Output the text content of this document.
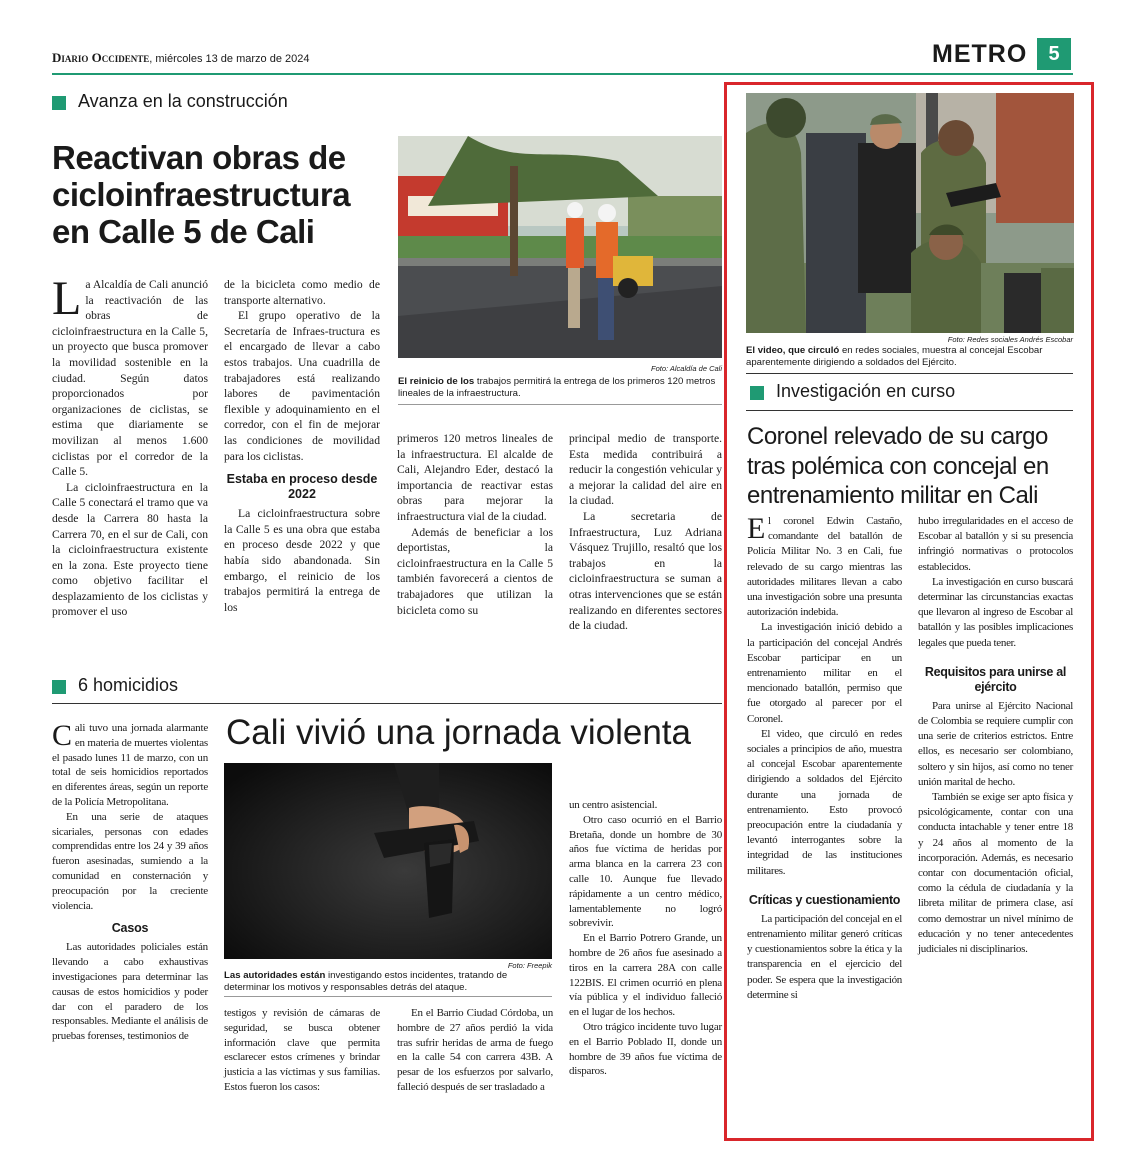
Diario Occidente, miércoles 13 de marzo de 2024	METRO	5
Avanza en la construcción
Reactivan obras de cicloinfraestructura en Calle 5 de Cali
Foto: Alcaldía de Cali
El reinicio de los trabajos permitirá la entrega de los primeros 120 metros lineales de la infraestructura.

La Alcaldía de Cali anunció la reactivación de las obras de cicloinfraestructura en la Calle 5, un proyecto que busca promover la movilidad sostenible en la ciudad. Según datos proporcionados por organizaciones de ciclistas, se estima que diariamente se movilizan al menos 1.600 ciclistas por el corredor de la Calle 5.

La cicloinfraestructura en la Calle 5 conectará el tramo que va desde la Carrera 80 hasta la Carrera 70, en el sur de Cali, con la cicloinfraestructura existente en la zona. Este proyecto tiene como objetivo facilitar el desplazamiento de los ciclistas y promover el uso

de la bicicleta como medio de transporte alternativo.

El grupo operativo de la Secretaría de Infraes-tructura es el encargado de llevar a cabo estos trabajos. Una cuadrilla de trabajadores está realizando labores de pavimentación flexible y adoquinamiento en el corredor, con el fin de mejorar las condiciones de movilidad para los ciclistas.

Estaba en proceso desde 2022

La cicloinfraestructura sobre la Calle 5 es una obra que estaba en proceso desde 2022 y que había sido abandonada. Sin embargo, el reinicio de los trabajos permitirá la entrega de los

primeros 120 metros lineales de la infraestructura. El alcalde de Cali, Alejandro Eder, destacó la importancia de reactivar estas obras para mejorar la infraestructura vial de la ciudad.

Además de beneficiar a los deportistas, la cicloinfraestructura en la Calle 5 también favorecerá a cientos de trabajadores que utilizan la bicicleta como su

principal medio de transporte. Esta medida contribuirá a reducir la congestión vehicular y a mejorar la calidad del aire en la ciudad.

La secretaria de Infraestructura, Luz Adriana Vásquez Trujillo, resaltó que los trabajos en la cicloinfraestructura se suman a otras intervenciones que se están realizando en diferentes sectores de la ciudad.

6 homicidios
Cali vivió una jornada violenta
Foto: Freepik
Las autoridades están investigando estos incidentes, tratando de determinar los motivos y responsables detrás del ataque.

Cali tuvo una jornada alarmante en materia de muertes violentas el pasado lunes 11 de marzo, con un total de seis homicidios reportados en diferentes áreas, según un reporte de la Policía Metropolitana.

En una serie de ataques sicariales, personas con edades comprendidas entre los 24 y 39 años fueron asesinadas, sumiendo a la comunidad en consternación y preocupación por la creciente violencia.

Casos

Las autoridades policiales están llevando a cabo exhaustivas investigaciones para determinar las causas de estos homicidios y poder dar con el paradero de los responsables. Mediante el análisis de pruebas forenses, testimonios de

testigos y revisión de cámaras de seguridad, se busca obtener información clave que permita esclarecer estos crímenes y brindar justicia a las víctimas y sus familias. Estos fueron los casos:

En el Barrio Ciudad Córdoba, un hombre de 27 años perdió la vida tras sufrir heridas de arma de fuego en la calle 54 con carrera 43B. A pesar de los esfuerzos por salvarlo, falleció después de ser trasladado a

un centro asistencial.

Otro caso ocurrió en el Barrio Bretaña, donde un hombre de 30 años fue víctima de heridas por arma blanca en la carrera 23 con calle 10. Aunque fue llevado rápidamente a un centro médico, lamentablemente no logró sobrevivir.

En el Barrio Potrero Grande, un hombre de 26 años fue asesinado a tiros en la carrera 28A con calle 122BIS. El crimen ocurrió en plena vía pública y el individuo falleció en el lugar de los hechos.

Otro trágico incidente tuvo lugar en el Barrio Poblado II, donde un hombre de 39 años fue víctima de disparos.

Foto: Redes sociales Andrés Escobar
El video, que circuló en redes sociales, muestra al concejal Escobar aparentemente dirigiendo a soldados del Ejército.
Investigación en curso
Coronel relevado de su cargo tras polémica con concejal en entrenamiento militar en Cali

El coronel Edwin Castaño, comandante del batallón de Policía Militar No. 3 en Cali, fue relevado de su cargo mientras las autoridades militares llevan a cabo una investigación sobre una presunta autorización indebida.

La investigación inició debido a la participación del concejal Andrés Escobar participar en un entrenamiento militar en el mencionado batallón, permiso que fue otorgado al parecer por el Coronel.

El video, que circuló en redes sociales a principios de año, muestra al concejal Escobar aparentemente dirigiendo a soldados del Ejército durante una jornada de entrenamiento. Esto provocó preocupación entre la ciudadanía y levantó interrogantes sobre la integridad de las instituciones militares.

Críticas y cuestionamiento

La participación del concejal en el entrenamiento militar generó críticas y cuestionamientos sobre la ética y la transparencia en el ejercicio del poder. Se espera que la investigación determine si

hubo irregularidades en el acceso de Escobar al batallón y si su presencia infringió normativas o protocolos establecidos.

La investigación en curso buscará determinar las circunstancias exactas que llevaron al ingreso de Escobar al batallón y las posibles implicaciones legales que pueda tener.

Requisitos para unirse al ejército

Para unirse al Ejército Nacional de Colombia se requiere cumplir con una serie de criterios estrictos. Entre ellos, es necesario ser colombiano, soltero y sin hijos, así como no tener unión marital de hecho.

También se exige ser apto física y psicológicamente, contar con una conducta intachable y tener entre 18 y 24 años al momento de la incorporación. Además, es necesario contar con documentación oficial, como la cédula de ciudadanía y la libreta militar de primera clase, así como demostrar un nivel mínimo de educación y no tener antecedentes judiciales ni disciplinarios.
